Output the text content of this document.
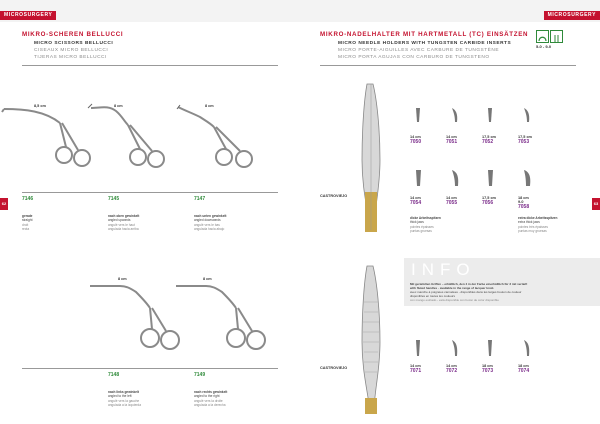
MICROSURGERY
MIKRO-SCHEREN BELLUCCI
MICRO SCISSORS BELLUCCI
CISEAUX MICRO BELLUCCI
TIJERAS MICRO BELLUCCI
62
8,5 cm	8 cm	8 cm
7146
gerade
straight
droit
recta
7145
nach oben gewinkelt
angled upwards
angulé vers le haut
angulada hacia arriba
7147
nach unten gewinkelt
angled downwards
angulé vers le bas
angulada hacia abajo
8 cm	8 cm
7148
nach links gewinkelt
angled to the left
angulé vers la gauche
angulada a la izquierda
7149
nach rechts gewinkelt
angled to the right
angulé vers la droite
angulada a la derecha
MICROSURGERY
MIKRO-NADELHALTER MIT HARTMETALL (TC) EINSÄTZEN
MICRO NEEDLE HOLDERS WITH TUNGSTEN CARBIDE INSERTS
MICRO PORTE-AIGUILLES AVEC CARBURE DE TUNGSTÈNE
MICRO PORTA AGUJAS CON CARBURO DE TUNGSTENO
5-0 - 9-0
63
CASTROVIEJO
14 cm
7050
14 cm
7051
17,5 cm
7052
17,5 cm
7053
14 cm
7054
14 cm
7055
17,5 cm
7056
18 cm
9-0
7058
dicke Arbeitsspitzen
thick jaws
pointes épaisses
puntas gruesas
extra dicke Arbeitsspitzen
extra thick jaws
pointes très épaisses
puntas muy gruesas
CASTROVIEJO	14 cm
7071
14 cm
7072
18 cm
7073
18 cm
7074
INFO
Mit geriefelten Griffen – erhältlich, den 4 in der Farbe einerhältlich für 3 mit vertieft
with fluted handles - available in the range of lacquer knob
avec manche à poignées cannelées - disponibles dans les larges bouton de couleur
disponibles en toutes les couleurs
con mango estriado - está disponible con boton de color disponible
